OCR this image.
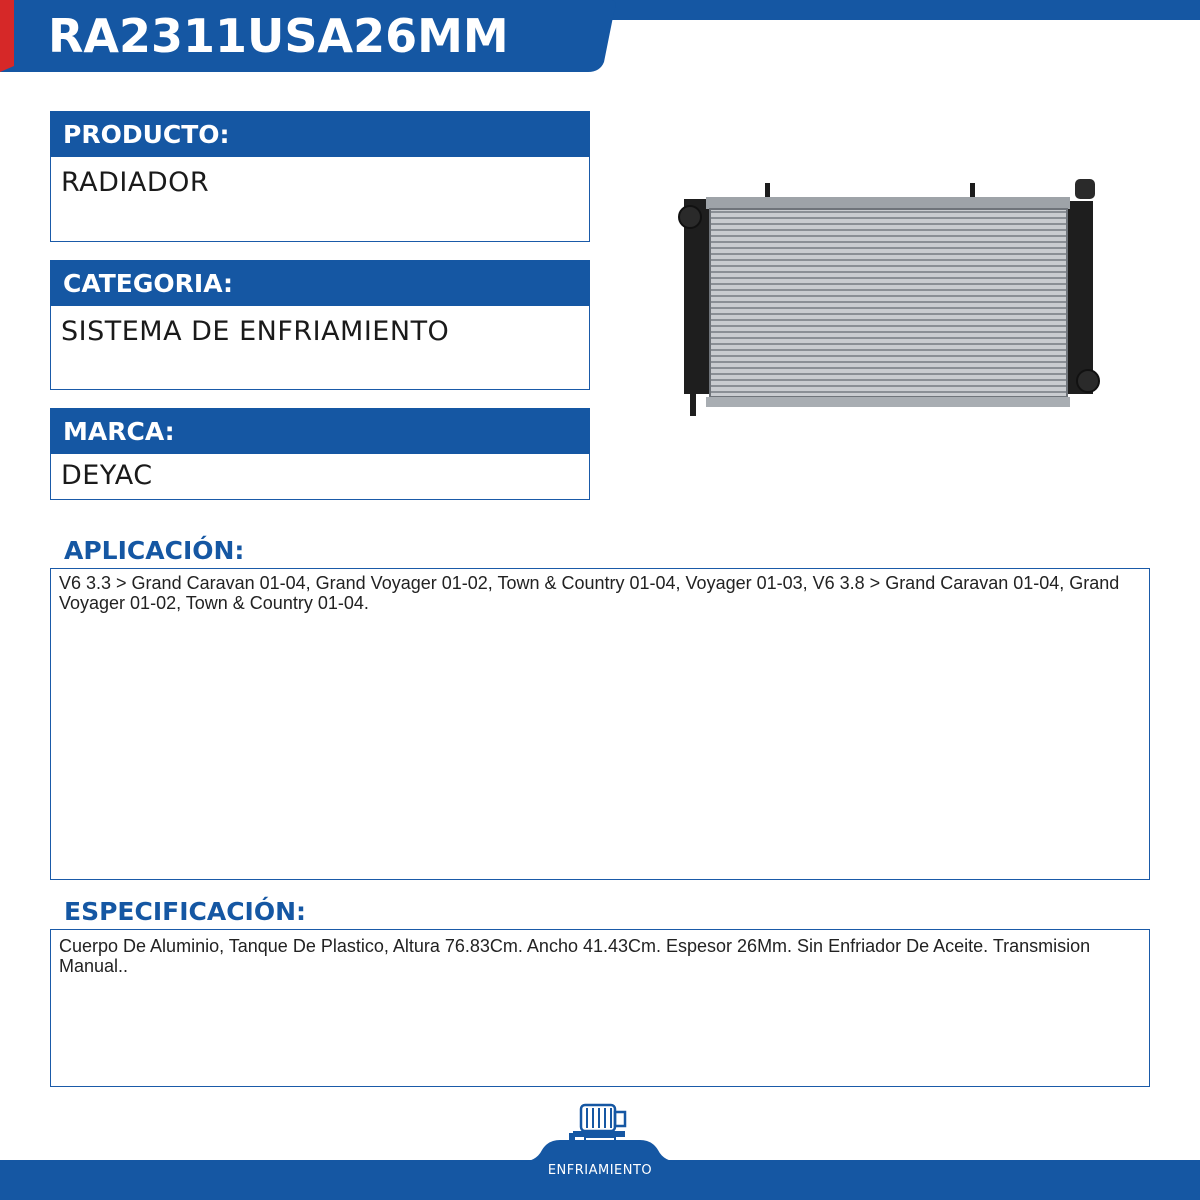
RA2311USA26MM
PRODUCTO:
RADIADOR
CATEGORIA:
SISTEMA DE ENFRIAMIENTO
MARCA:
DEYAC
APLICACIÓN:
V6 3.3 > Grand Caravan 01-04, Grand Voyager 01-02, Town & Country 01-04, Voyager 01-03, V6 3.8 > Grand Caravan 01-04, Grand Voyager 01-02, Town & Country 01-04.
ESPECIFICACIÓN:
Cuerpo De Aluminio, Tanque De Plastico, Altura 76.83Cm. Ancho 41.43Cm. Espesor 26Mm. Sin Enfriador De Aceite. Transmision Manual..
ENFRIAMIENTO
